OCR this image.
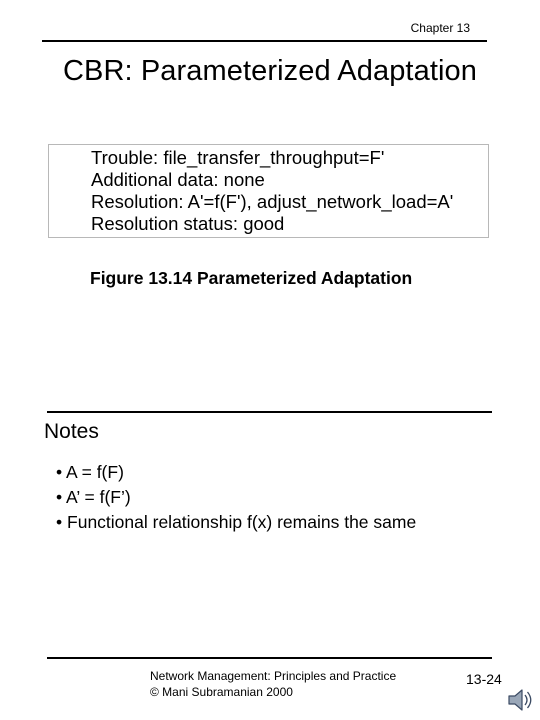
Chapter 13
CBR: Parameterized Adaptation
Trouble: file_transfer_throughput=F'
Additional data: none
Resolution: A'=f(F'), adjust_network_load=A'
Resolution status: good
Figure 13.14 Parameterized Adaptation
Notes
• A = f(F)
• A’ = f(F’)
• Functional relationship f(x) remains the same
Network Management: Principles and Practice
© Mani Subramanian 2000
13-24
